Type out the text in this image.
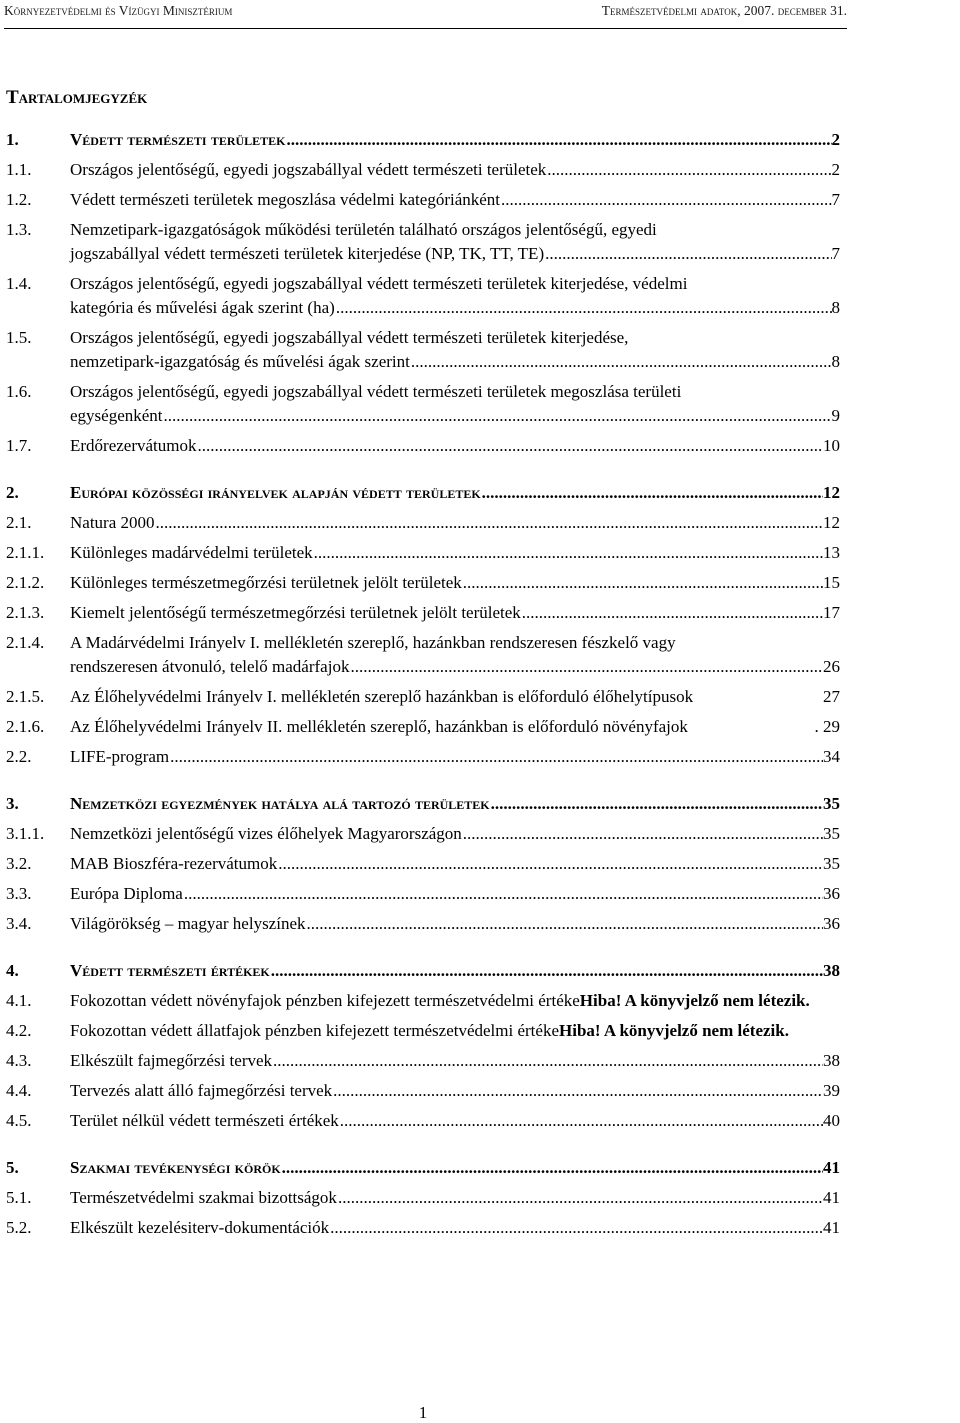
Környezetvédelmi és Vízügyi Minisztérium	Természetvédelmi adatok, 2007. december 31.
Tartalomjegyzék
1.	Védett természeti területek .....	2
1.1. Országos jelentőségű, egyedi jogszabállyal védett természeti területek .....	2
1.2. Védett természeti területek megoszlása védelmi kategóriánként .....	7
1.3. Nemzetipark-igazgatóságok működési területén található országos jelentőségű, egyedi
jogszabállyal védett természeti területek kiterjedése (NP, TK, TT, TE) .....	7
1.4. Országos jelentőségű, egyedi jogszabállyal védett természeti területek kiterjedése, védelmi
kategória és művelési ágak szerint (ha) .....	8
1.5. Országos jelentőségű, egyedi jogszabállyal védett természeti területek kiterjedése,
nemzetipark-igazgatóság és művelési ágak szerint .....	8
1.6. Országos jelentőségű, egyedi jogszabállyal védett természeti területek megoszlása területi
egységenként .....	9
1.7. Erdőrezervátumok .....	10
2.	Európai közösségi irányelvek alapján védett területek .....	12
2.1. Natura 2000 .....	12
2.1.1. Különleges madárvédelmi területek .....	13
2.1.2. Különleges természetmegőrzési területnek jelölt területek .....	15
2.1.3. Kiemelt jelentőségű természetmegőrzési területnek jelölt területek .....	17
2.1.4. A Madárvédelmi Irányelv I. mellékletén szereplő, hazánkban rendszeresen fészkelő vagy
rendszeresen átvonuló, telelő madárfajok .....	26
2.1.5. Az Élőhelyvédelmi Irányelv I. mellékletén szereplő hazánkban is előforduló élőhelytípusok	27
2.1.6. Az Élőhelyvédelmi Irányelv II. mellékletén szereplő, hazánkban is előforduló növényfajok	. 29
2.2. LIFE-program .....	34
3.	Nemzetközi egyezmények hatálya alá tartozó területek .....	35
3.1.1. Nemzetközi jelentőségű vizes élőhelyek Magyarországon .....	35
3.2. MAB Bioszféra-rezervátumok .....	35
3.3. Európa Diploma .....	36
3.4. Világörökség – magyar helyszínek .....	36
4.	Védett természeti értékek .....	38
4.1. Fokozottan védett növényfajok pénzben kifejezett természetvédelmi értéke Hiba! A könyvjelző nem létezik.
4.2. Fokozottan védett állatfajok pénzben kifejezett természetvédelmi értéke Hiba! A könyvjelző nem létezik.
4.3. Elkészült fajmegőrzési tervek .....	38
4.4. Tervezés alatt álló fajmegőrzési tervek .....	39
4.5. Terület nélkül védett természeti értékek .....	40
5.	Szakmai tevékenységi körök .....	41
5.1. Természetvédelmi szakmai bizottságok .....	41
5.2. Elkészült kezelésiterv-dokumentációk .....	41
1
